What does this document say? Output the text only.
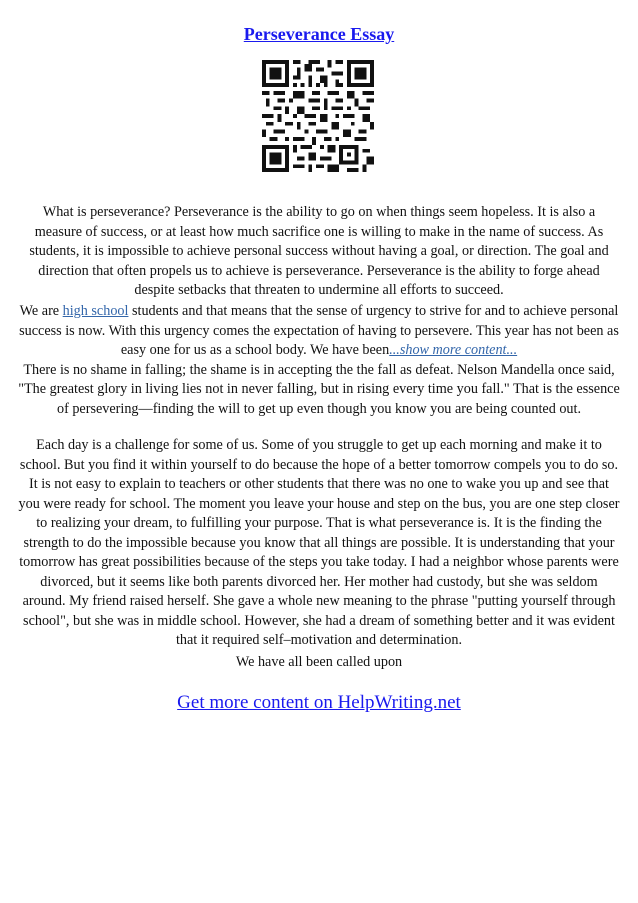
Perseverance Essay
What is perseverance? Perseverance is the ability to go on when things seem hopeless. It is also a measure of success, or at least how much sacrifice one is willing to make in the name of success. As students, it is impossible to achieve personal success without having a goal, or direction. The goal and direction that often propels us to achieve is perseverance. Perseverance is the ability to forge ahead despite setbacks that threaten to undermine all efforts to succeed.
We are high school students and that means that the sense of urgency to strive for and to achieve personal success is now. With this urgency comes the expectation of having to persevere. This year has not been as easy one for us as a school body. We have been...show more content...
There is no shame in falling; the shame is in accepting the the fall as defeat. Nelson Mandella once said, "The greatest glory in living lies not in never falling, but in rising every time you fall." That is the essence of persevering—finding the will to get up even though you know you are being counted out.
Each day is a challenge for some of us. Some of you struggle to get up each morning and make it to school. But you find it within yourself to do because the hope of a better tomorrow compels you to do so. It is not easy to explain to teachers or other students that there was no one to wake you up and see that you were ready for school. The moment you leave your house and step on the bus, you are one step closer to realizing your dream, to fulfilling your purpose. That is what perseverance is. It is the finding the strength to do the impossible because you know that all things are possible. It is understanding that your tomorrow has great possibilities because of the steps you take today. I had a neighbor whose parents were divorced, but it seems like both parents divorced her. Her mother had custody, but she was seldom around. My friend raised herself. She gave a whole new meaning to the phrase "putting yourself through school", but she was in middle school. However, she had a dream of something better and it was evident that it required self–motivation and determination.
We have all been called upon
Get more content on HelpWriting.net
